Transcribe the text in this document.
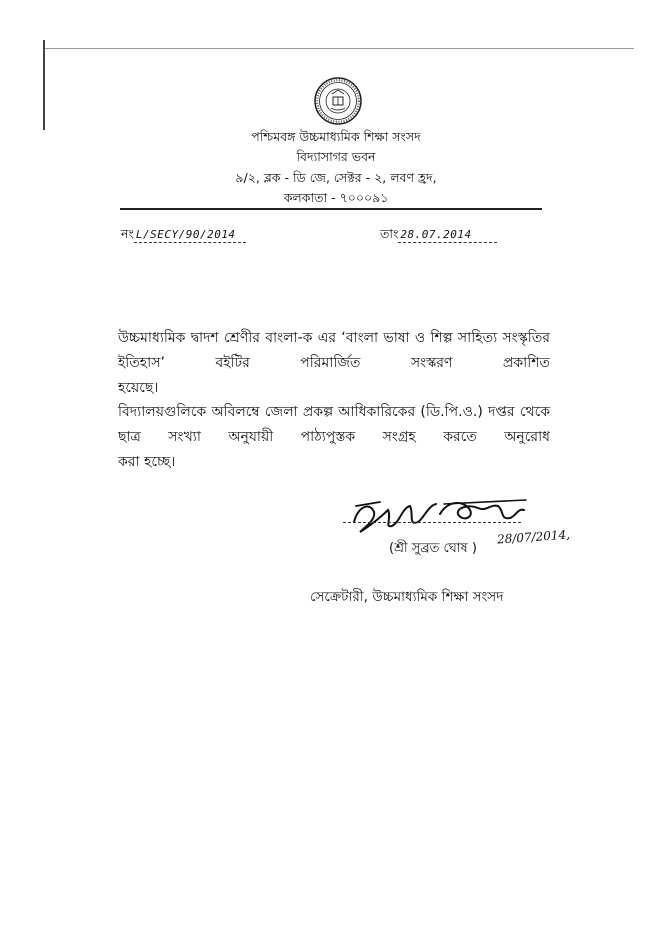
পশ্চিমবঙ্গ উচ্চমাধ্যমিক শিক্ষা সংসদ
বিদ্যাসাগর ভবন
৯/২, ব্লক - ডি জে, সেক্টর - ২, লবণ হ্রদ,
কলকাতা - ৭০০০৯১
নং L/SECY/90/2014	তাং 28.07.2014
উচ্চমাধ্যমিক দ্বাদশ শ্রেণীর বাংলা-ক এর ‘বাংলা ভাষা ও শিল্প সাহিত্য সংস্কৃতির ইতিহাস’ বইটির পরিমার্জিত সংস্করণ প্রকাশিত
হয়েছে।
বিদ্যালয়গুলিকে অবিলম্বে জেলা প্রকল্প আধিকারিকের (ডি.পি.ও.) দপ্তর থেকে ছাত্র সংখ্যা অনুযায়ী পাঠ্যপুস্তক সংগ্রহ করতে অনুরোধ
করা হচ্ছে।
(শ্রী সুব্রত ঘোষ )
28/07/2014,
সেক্রেটারী, উচ্চমাধ্যমিক শিক্ষা সংসদ
